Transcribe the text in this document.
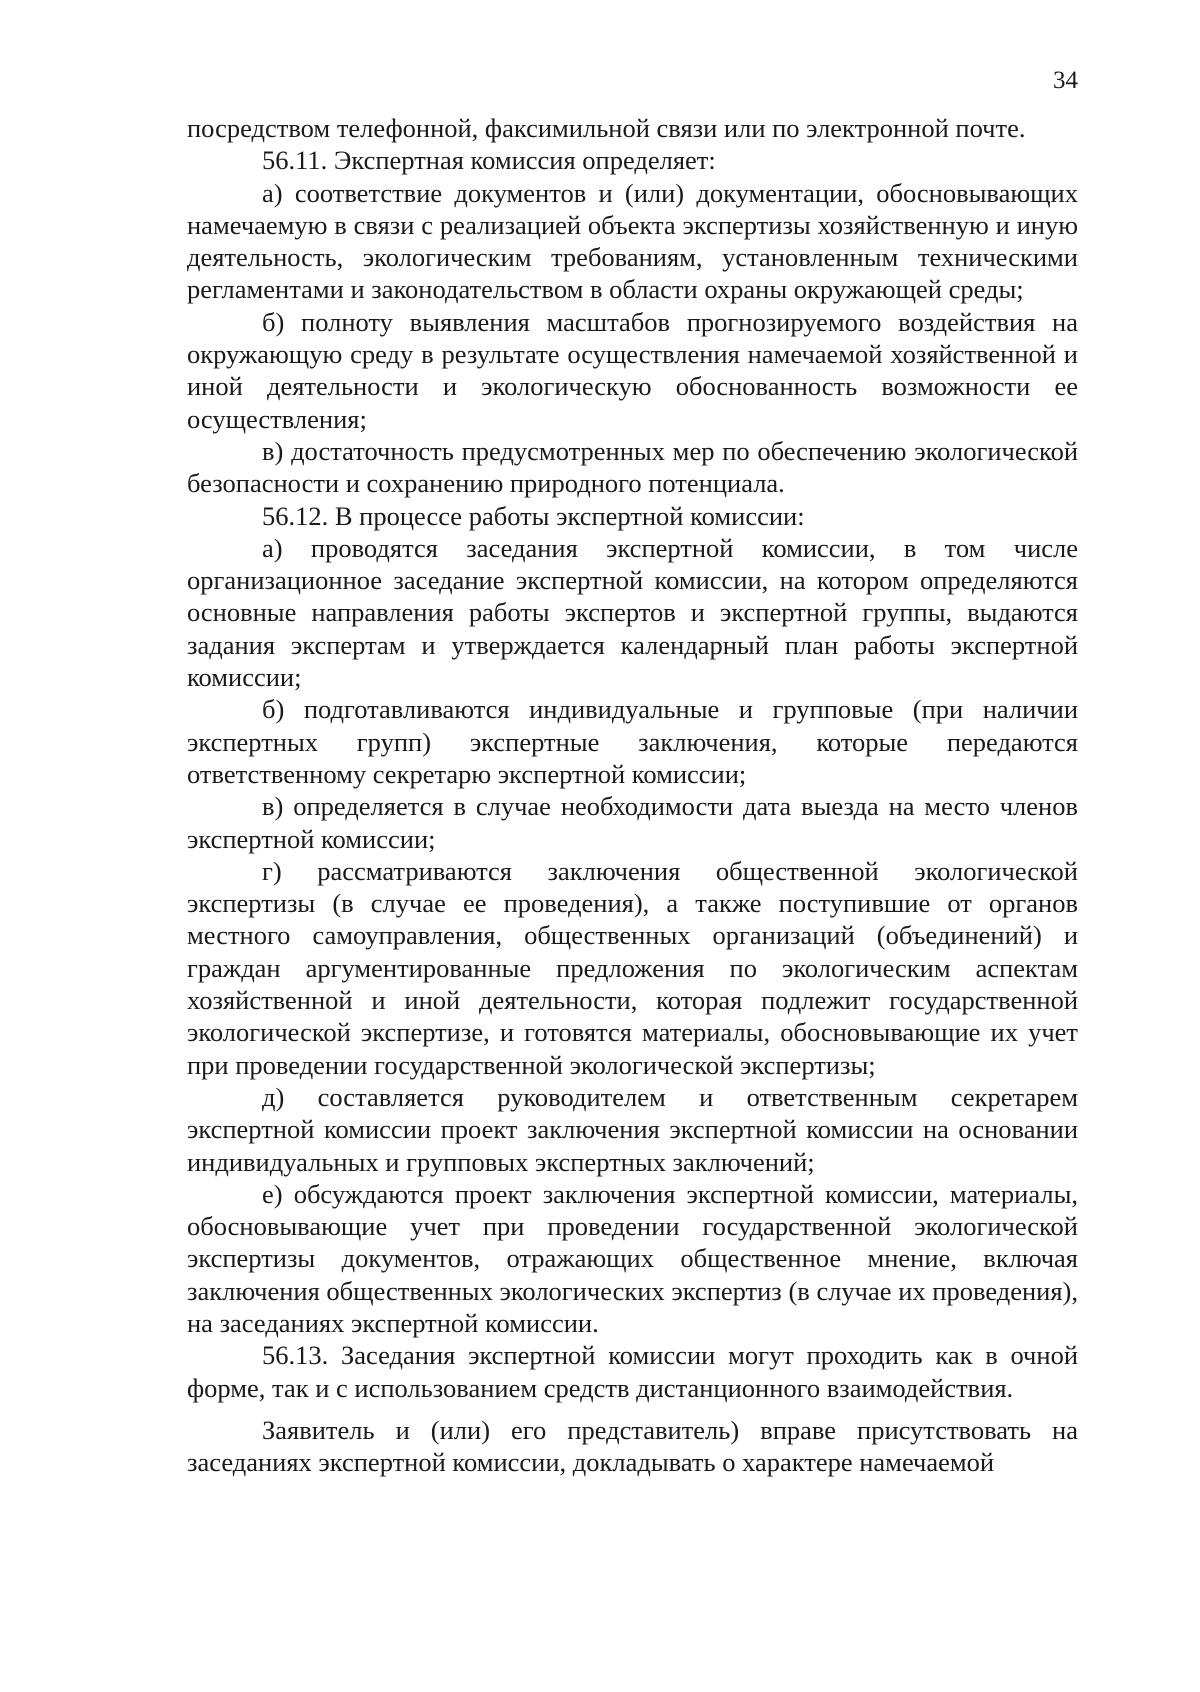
34

посредством телефонной, факсимильной связи или по электронной почте.

56.11. Экспертная комиссия определяет:

а) соответствие документов и (или) документации, обосновывающих намечаемую в связи с реализацией объекта экспертизы хозяйственную и иную деятельность, экологическим требованиям, установленным техническими регламентами и законодательством в области охраны окружающей среды;

б) полноту выявления масштабов прогнозируемого воздействия на окружающую среду в результате осуществления намечаемой хозяйственной и иной деятельности и экологическую обоснованность возможности ее осуществления;

в) достаточность предусмотренных мер по обеспечению экологической безопасности и сохранению природного потенциала.

56.12. В процессе работы экспертной комиссии:

а) проводятся заседания экспертной комиссии, в том числе организационное заседание экспертной комиссии, на котором определяются основные направления работы экспертов и экспертной группы, выдаются задания экспертам и утверждается календарный план работы экспертной комиссии;

б) подготавливаются индивидуальные и групповые (при наличии экспертных групп) экспертные заключения, которые передаются ответственному секретарю экспертной комиссии;

в) определяется в случае необходимости дата выезда на место членов экспертной комиссии;

г) рассматриваются заключения общественной экологической экспертизы (в случае ее проведения), а также поступившие от органов местного самоуправления, общественных организаций (объединений) и граждан аргументированные предложения по экологическим аспектам хозяйственной и иной деятельности, которая подлежит государственной экологической экспертизе, и готовятся материалы, обосновывающие их учет при проведении государственной экологической экспертизы;

д) составляется руководителем и ответственным секретарем экспертной комиссии проект заключения экспертной комиссии на основании индивидуальных и групповых экспертных заключений;

е) обсуждаются проект заключения экспертной комиссии, материалы, обосновывающие учет при проведении государственной экологической экспертизы документов, отражающих общественное мнение, включая заключения общественных экологических экспертиз (в случае их проведения), на заседаниях экспертной комиссии.

56.13. Заседания экспертной комиссии могут проходить как в очной форме, так и с использованием средств дистанционного взаимодействия.

Заявитель и (или) его представитель) вправе присутствовать на заседаниях экспертной комиссии, докладывать о характере намечаемой
